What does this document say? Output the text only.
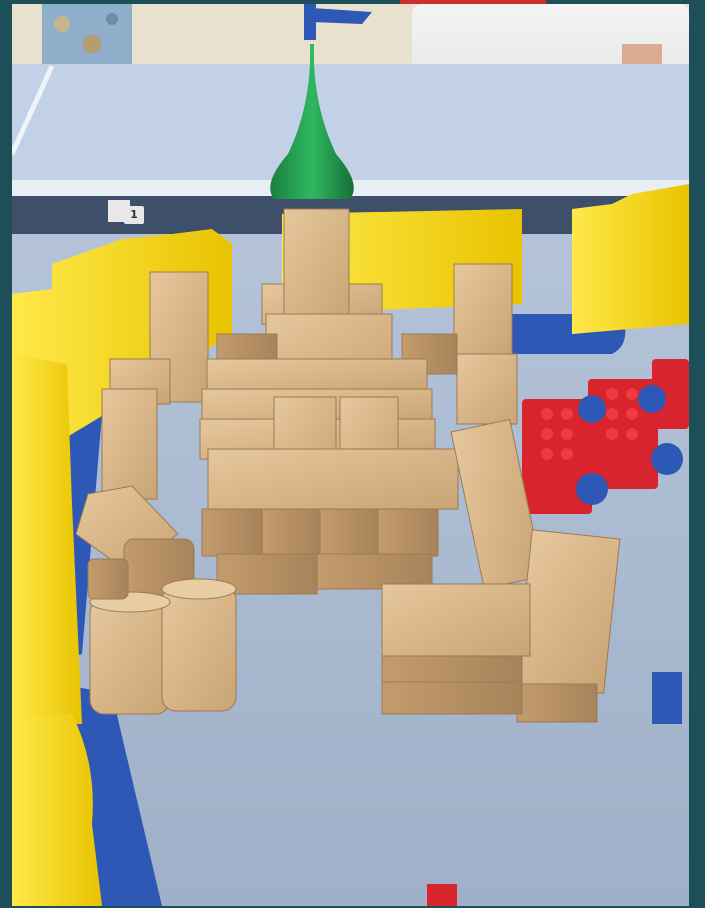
1
